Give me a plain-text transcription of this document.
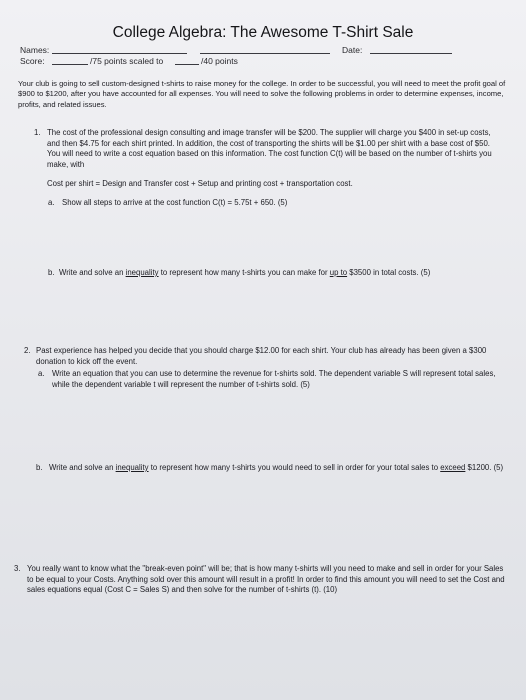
College Algebra: The Awesome T-Shirt Sale
Names:	Date:
Score:	/75 points scaled to	/40 points
Your club is going to sell custom-designed t-shirts to raise money for the college. In order to be successful, you will need to meet the profit goal of $900 to $1200, after you have accounted for all expenses. You will need to solve the following problems in order to determine expenses, income, profits, and related issues.
1. The cost of the professional design consulting and image transfer will be $200. The supplier will charge you $400 in set-up costs, and then $4.75 for each shirt printed. In addition, the cost of transporting the shirts will be $1.00 per shirt with a base cost of $50. You will need to write a cost equation based on this information. The cost function C(t) will be based on the number of t-shirts you make, with
Cost per shirt = Design and Transfer cost + Setup and printing cost + transportation cost.
a. Show all steps to arrive at the cost function C(t) = 5.75t + 650. (5)
b. Write and solve an inequality to represent how many t-shirts you can make for up to $3500 in total costs. (5)
2. Past experience has helped you decide that you should charge $12.00 for each shirt. Your club has already has been given a $300 donation to kick off the event.
a. Write an equation that you can use to determine the revenue for t-shirts sold. The dependent variable S will represent total sales, while the dependent variable t will represent the number of t-shirts sold. (5)
b. Write and solve an inequality to represent how many t-shirts you would need to sell in order for your total sales to exceed $1200. (5)
3. You really want to know what the "break-even point" will be; that is how many t-shirts will you need to make and sell in order for your Sales to be equal to your Costs. Anything sold over this amount will result in a profit! In order to find this amount you will need to set the Cost and sales equations equal (Cost C = Sales S) and then solve for the number of t-shirts (t). (10)
